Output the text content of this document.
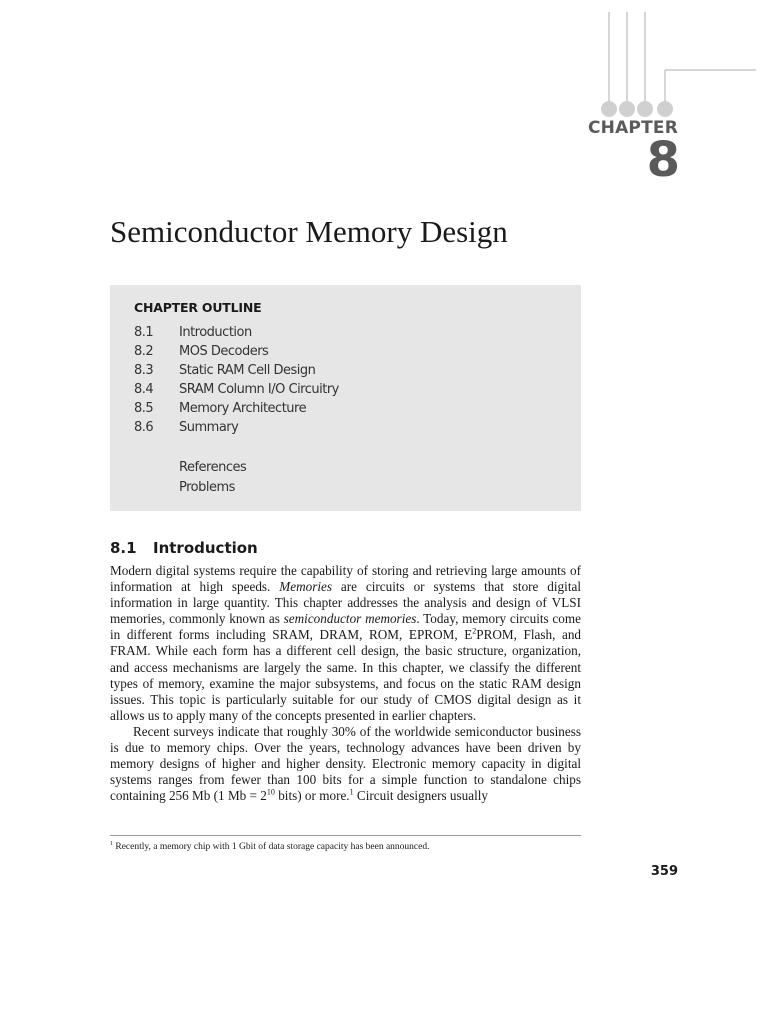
CHAPTER
8
Semiconductor Memory Design
CHAPTER OUTLINE
8.1 Introduction
8.2 MOS Decoders
8.3 Static RAM Cell Design
8.4 SRAM Column I/O Circuitry
8.5 Memory Architecture
8.6 Summary
References
Problems
8.1 Introduction

Modern digital systems require the capability of storing and retrieving large amounts of information at high speeds. Memories are circuits or systems that store digital information in large quantity. This chapter addresses the analysis and design of VLSI memories, commonly known as semiconductor memories. Today, memory circuits come in different forms including SRAM, DRAM, ROM, EPROM, $E^2PROM$, Flash, and FRAM. While each form has a different cell design, the basic structure, organization, and access mechanisms are largely the same. In this chapter, we classify the different types of memory, examine the major subsystems, and focus on the static RAM design issues. This topic is particularly suitable for our study of CMOS digital design as it allows us to apply many of the concepts presented in earlier chapters.

Recent surveys indicate that roughly 30% of the worldwide semiconductor business is due to memory chips. Over the years, technology advances have been driven by memory designs of higher and higher density. Electronic memory capacity in digital systems ranges from fewer than 100 bits for a simple function to standalone chips containing 256 Mb (1 $Mb = 2^{10}$ bits) or more.$^1$ Circuit designers usually

$^1$ Recently, a memory chip with 1 Gbit of data storage capacity has been announced.
359
